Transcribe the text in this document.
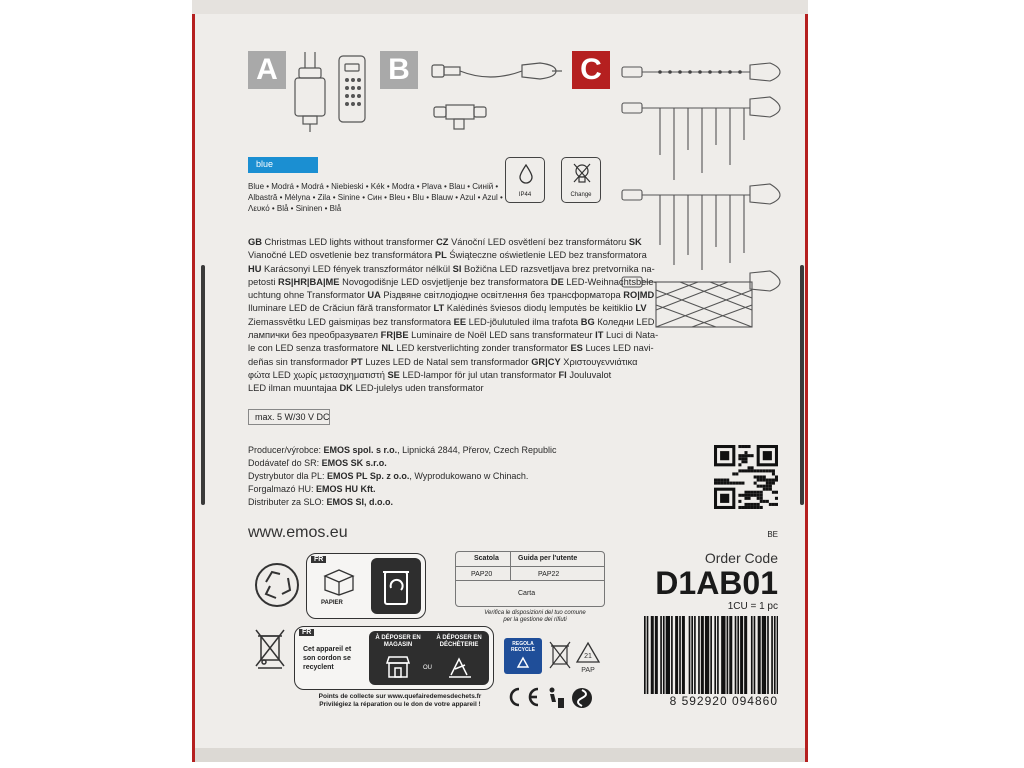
A	B	C
blue
Blue • Modrá • Modrá • Niebieski • Kék • Modra • Plava • Blau • Синій •
Albastră • Mėlyna • Zila • Sinine • Син • Bleu • Blu • Blauw • Azul • Azul •
Λευκό • Blå • Sininen • Blå
IP44	Change

GB Christmas LED lights without transformer CZ Vánoční LED osvětlení bez transformátoru SK

Vianočné LED osvetlenie bez transformátora PL Świąteczne oświetlenie LED bez transformatora

HU Karácsonyi LED fények transzformátor nélkül SI Božična LED razsvetljava brez pretvornika na-

petosti RS|HR|BA|ME Novogodišnje LED osvjetljenje bez transformatora DE LED-Weihnachtsbele-

uchtung ohne Transformator UA Різдвяне світлодіодне освітлення без трансформатора RO|MD

Iluminare LED de Crăciun fără transformator LT Kalėdinės šviesos diodų lemputės be keitiklio LV

Ziemassvētku LED gaismiņas bez transformatora EE LED-jõulutuled ilma trafota BG Коледни LED

лампички без преобразувател FR|BE Luminaire de Noël LED sans transformateur IT Luci di Nata-

le con LED senza trasformatore NL LED kerstverlichting zonder transformator ES Luces LED navi-

deñas sin transformador PT Luzes LED de Natal sem transformador GR|CY Χριστουγεννιάτικα

φώτα LED χωρίς μετασχηματιστή SE LED-lampor för jul utan transformator FI Jouluvalot

LED ilman muuntajaa DK LED-julelys uden transformator

max. 5 W/30 V DC

Producer/výrobce: EMOS spol. s r.o., Lipnická 2844, Přerov, Czech Republic

Dodávateľ do SR: EMOS SK s.r.o.

Dystrybutor dla PL: EMOS PL Sp. z o.o., Wyprodukowano w Chinach.

Forgalmazó HU: EMOS HU Kft.

Distributer za SLO: EMOS SI, d.o.o.

www.emos.eu
FR
PAPIER
Scatola	Guida per l'utente
PAP20	PAP22
Carta
Verifica le disposizioni del tuo comune
per la gestione dei rifiuti
BE
Order Code
D1AB01
1CU = 1 pc
8 592920 094860
FR
Cet appareil et son cordon se recyclent
À DÉPOSER EN MAGASIN
À DÉPOSER EN DÉCHÈTERIE
OU
Points de collecte sur www.quefairedemesdechets.fr
Privilégiez la réparation ou le don de votre appareil !
REGOLA
RECYCLE
21
PAP
